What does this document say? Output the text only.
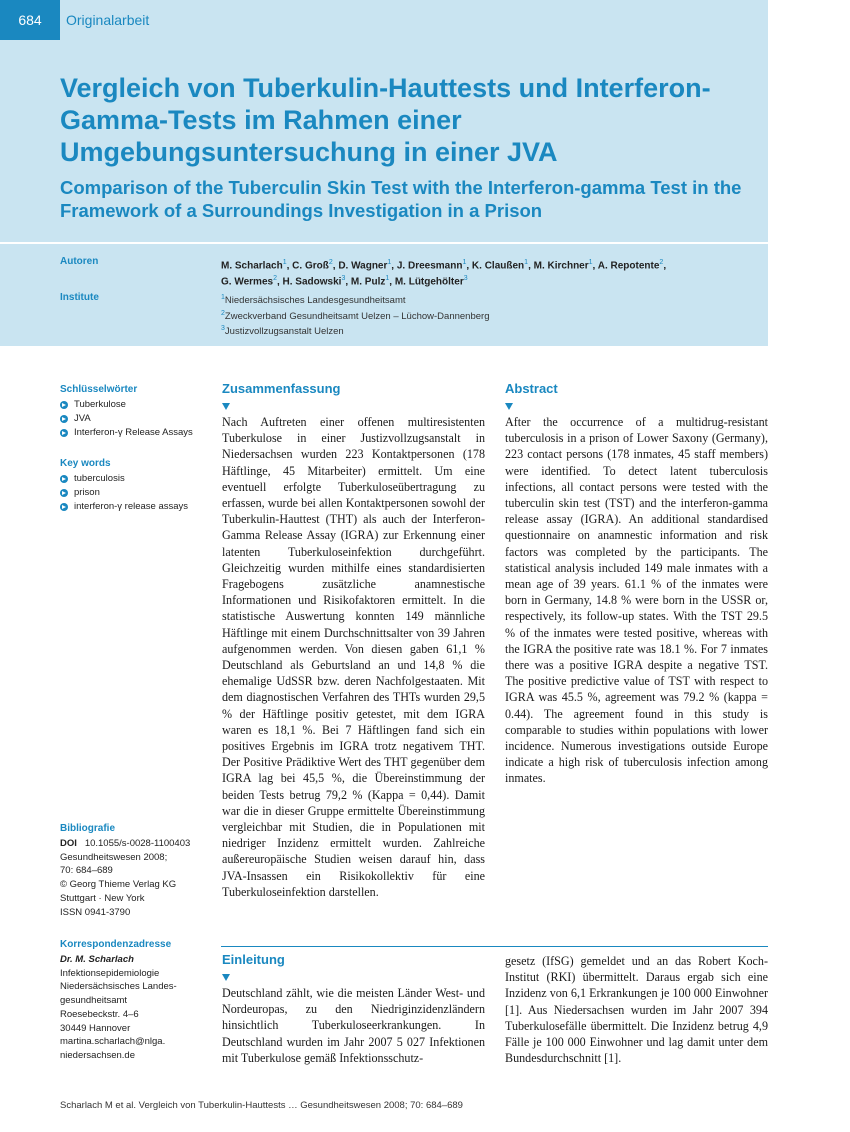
684	Originalarbeit
Vergleich von Tuberkulin-Hauttests und Interferon-Gamma-Tests im Rahmen einer Umgebungsuntersuchung in einer JVA
Comparison of the Tuberculin Skin Test with the Interferon-gamma Test in the Framework of a Surroundings Investigation in a Prison
Autoren	M. Scharlach$^1$, C. Groß$^2$, D. Wagner$^1$, J. Dreesmann$^1$, K. Claußen$^1$, M. Kirchner$^1$, A. Repotente$^2$,
G. Wermes$^2$, H. Sadowski$^3$, M. Pulz$^1$, M. Lütgehölter$^3$
Institute	$^1$Niedersächsisches Landesgesundheitsamt
$^2$Zweckverband Gesundheitsamt Uelzen – Lüchow-Dannenberg
$^3$Justizvollzugsanstalt Uelzen
Schlüsselwörter
Tuberkulose
JVA
Interferon-γ Release Assays
Key words
tuberculosis
prison
interferon-γ release assays
Bibliografie
DOI 10.1055/s-0028-1100403
Gesundheitswesen 2008;
70: 684–689
© Georg Thieme Verlag KG
Stuttgart · New York
ISSN 0941-3790
Korrespondenzadresse
Dr. M. Scharlach
Infektionsepidemiologie
Niedersächsisches Landes-
gesundheitsamt
Roesebeckstr. 4–6
30449 Hannover
martina.scharlach@nlga.
niedersachsen.de
Zusammenfassung

Nach Auftreten einer offenen multiresistenten Tuberkulose in einer Justizvollzugsanstalt in Niedersachsen wurden 223 Kontaktpersonen (178 Häftlinge, 45 Mitarbeiter) ermittelt. Um eine eventuell erfolgte Tuberkuloseübertragung zu erfassen, wurde bei allen Kontaktpersonen sowohl der Tuberkulin-Hauttest (THT) als auch der Interferon-Gamma Release Assay (IGRA) zur Erkennung einer latenten Tuberkuloseinfektion durchgeführt. Gleichzeitig wurden mithilfe eines standardisierten Fragebogens zusätzliche anamnestische Informationen und Risikofaktoren ermittelt. In die statistische Auswertung konnten 149 männliche Häftlinge mit einem Durchschnittsalter von 39 Jahren aufgenommen werden. Von diesen gaben 61,1 % Deutschland als Geburtsland an und 14,8 % die ehemalige UdSSR bzw. deren Nachfolgestaaten. Mit dem diagnostischen Verfahren des THTs wurden 29,5 % der Häftlinge positiv getestet, mit dem IGRA waren es 18,1 %. Bei 7 Häftlingen fand sich ein positives Ergebnis im IGRA trotz negativem THT. Der Positive Prädiktive Wert des THT gegenüber dem IGRA lag bei 45,5 %, die Übereinstimmung der beiden Tests betrug 79,2 % (Kappa = 0,44). Damit war die in dieser Gruppe ermittelte Übereinstimmung vergleichbar mit Studien, die in Populationen mit niedriger Inzidenz ermittelt wurden. Zahlreiche außereuropäische Studien weisen darauf hin, dass JVA-Insassen ein Risikokollektiv für eine Tuberkuloseinfektion darstellen.

Abstract

After the occurrence of a multidrug-resistant tuberculosis in a prison of Lower Saxony (Germany), 223 contact persons (178 inmates, 45 staff members) were identified. To detect latent tuberculosis infections, all contact persons were tested with the tuberculin skin test (TST) and the interferon-gamma release assay (IGRA). An additional standardised questionnaire on anamnestic information and risk factors was completed by the participants. The statistical analysis included 149 male inmates with a mean age of 39 years. 61.1 % of the inmates were born in Germany, 14.8 % were born in the USSR or, respectively, its follow-up states. With the TST 29.5 % of the inmates were tested positive, whereas with the IGRA the positive rate was 18.1 %. For 7 inmates there was a positive IGRA despite a negative TST. The positive predictive value of TST with respect to IGRA was 45.5 %, agreement was 79.2 % (kappa = 0.44). The agreement found in this study is comparable to studies within populations with lower incidence. Numerous investigations outside Europe indicate a high risk of tuberculosis infection among inmates.

Einleitung

Deutschland zählt, wie die meisten Länder West- und Nordeuropas, zu den Niedriginzidenzländern hinsichtlich Tuberkuloseerkrankungen. In Deutschland wurden im Jahr 2007 5 027 Infektionen mit Tuberkulose gemäß Infektionsschutz-

gesetz (IfSG) gemeldet und an das Robert Koch-Institut (RKI) übermittelt. Daraus ergab sich eine Inzidenz von 6,1 Erkrankungen je 100 000 Einwohner [1]. Aus Niedersachsen wurden im Jahr 2007 394 Tuberkulosefälle übermittelt. Die Inzidenz betrug 4,9 Fälle je 100 000 Einwohner und lag damit unter dem Bundesdurchschnitt [1].

Scharlach M et al. Vergleich von Tuberkulin-Hauttests … Gesundheitswesen 2008; 70: 684–689
